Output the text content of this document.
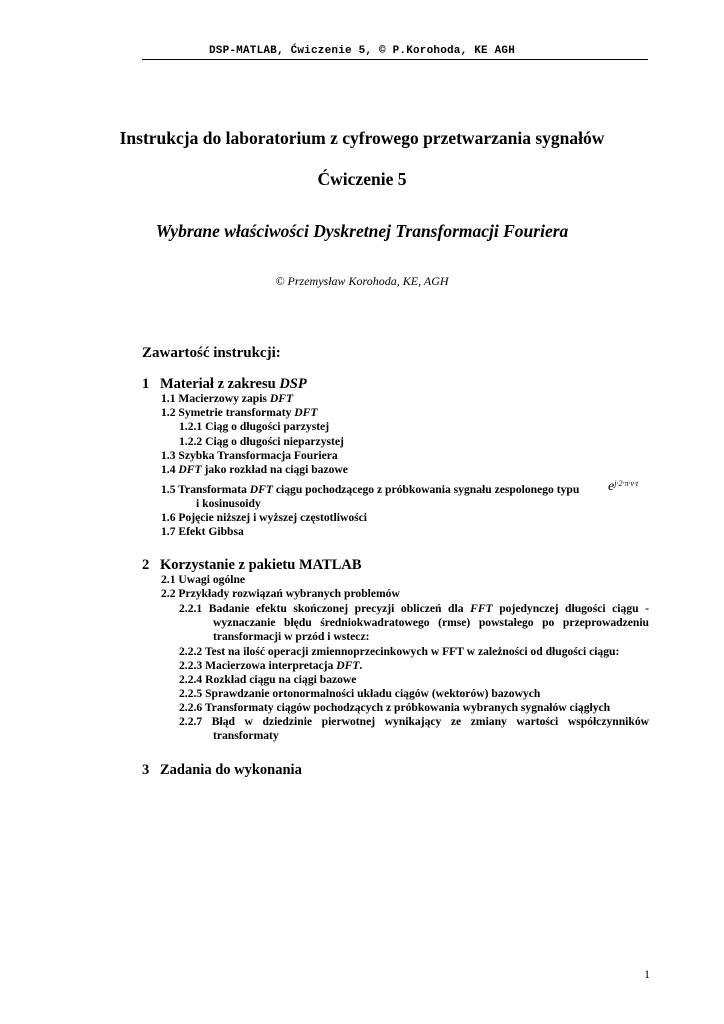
DSP-MATLAB, Ćwiczenie 5, © P.Korohoda, KE AGH
Instrukcja do laboratorium z cyfrowego przetwarzania sygnałów
Ćwiczenie 5
Wybrane właściwości Dyskretnej Transformacji Fouriera
© Przemysław Korohoda, KE, AGH
Zawartość instrukcji:
1 Materiał z zakresu DSP
1.1 Macierzowy zapis DFT
1.2 Symetrie transformaty DFT
1.2.1 Ciąg o długości parzystej
1.2.2 Ciąg o długości nieparzystej
1.3 Szybka Transformacja Fouriera
1.4 DFT jako rozkład na ciągi bazowe
1.5 Transformata DFT ciągu pochodzącego z próbkowania sygnału zespolonego typu $e^{j\cdot 2\cdot\pi\cdot v\cdot t}$
i kosinusoidy
1.6 Pojęcie niższej i wyższej częstotliwości
1.7 Efekt Gibbsa
2 Korzystanie z pakietu MATLAB
2.1 Uwagi ogólne
2.2 Przykłady rozwiązań wybranych problemów
2.2.1 Badanie efektu skończonej precyzji obliczeń dla FFT pojedynczej długości ciągu -
wyznaczanie błędu średniokwadratowego (rmse) powstałego po przeprowadzeniu
transformacji w przód i wstecz:
2.2.2 Test na ilość operacji zmiennoprzecinkowych w FFT w zależności od długości ciągu:
2.2.3 Macierzowa interpretacja DFT.
2.2.4 Rozkład ciągu na ciągi bazowe
2.2.5 Sprawdzanie ortonormalności układu ciągów (wektorów) bazowych
2.2.6 Transformaty ciągów pochodzących z próbkowania wybranych sygnałów ciągłych
2.2.7 Błąd w dziedzinie pierwotnej wynikający ze zmiany wartości współczynników
transformaty
3 Zadania do wykonania
1
